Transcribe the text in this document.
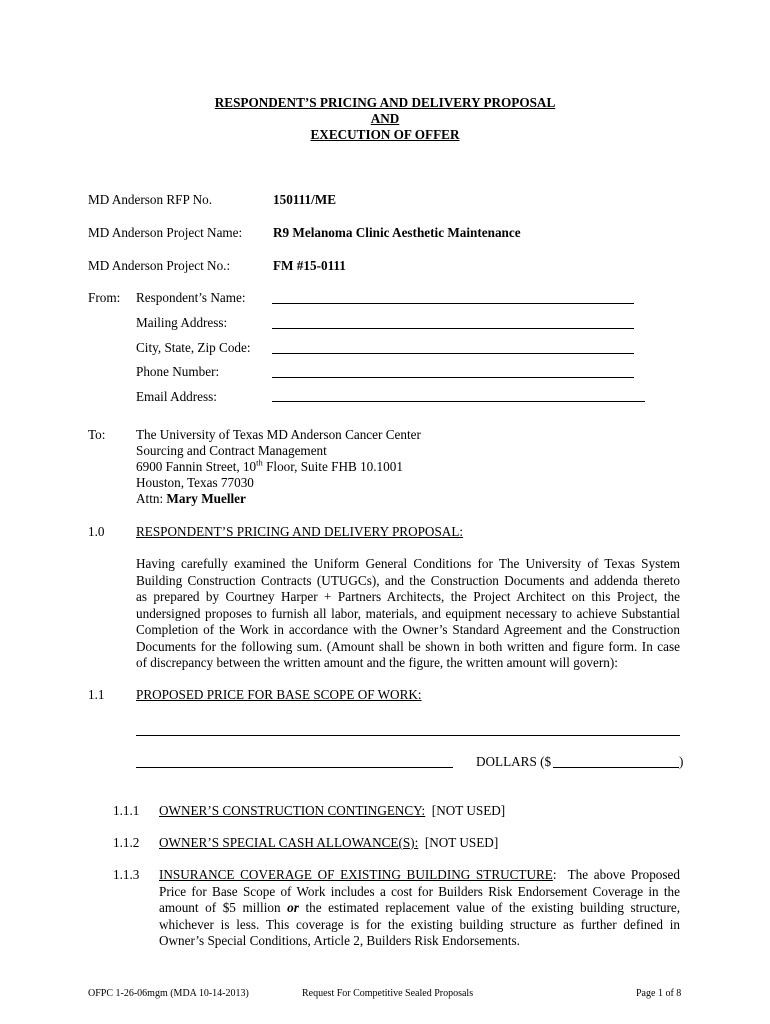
RESPONDENT’S PRICING AND DELIVERY PROPOSAL
AND
EXECUTION OF OFFER
MD Anderson RFP No.	150111/ME
MD Anderson Project Name: R9 Melanoma Clinic Aesthetic Maintenance
MD Anderson Project No.:	FM #15-0111
From: Respondent’s Name:
Mailing Address:
City, State, Zip Code:
Phone Number:
Email Address:
To: The University of Texas MD Anderson Cancer Center
Sourcing and Contract Management
6900 Fannin Street, 10th Floor, Suite FHB 10.1001
Houston, Texas 77030
Attn: Mary Mueller
1.0 RESPONDENT’S PRICING AND DELIVERY PROPOSAL:
Having carefully examined the Uniform General Conditions for The University of Texas System
Building Construction Contracts (UTUGCs), and the Construction Documents and addenda thereto
as prepared by Courtney Harper + Partners Architects, the Project Architect on this Project, the
undersigned proposes to furnish all labor, materials, and equipment necessary to achieve Substantial
Completion of the Work in accordance with the Owner’s Standard Agreement and the Construction
Documents for the following sum. (Amount shall be shown in both written and figure form. In case
of discrepancy between the written amount and the figure, the written amount will govern):
1.1 PROPOSED PRICE FOR BASE SCOPE OF WORK:
DOLLARS ($	)
1.1.1 OWNER’S CONSTRUCTION CONTINGENCY:  [NOT USED]
1.1.2 OWNER’S SPECIAL CASH ALLOWANCE(S):  [NOT USED]
1.1.3 INSURANCE COVERAGE OF EXISTING BUILDING STRUCTURE:  The above Proposed
Price for Base Scope of Work includes a cost for Builders Risk Endorsement Coverage in the
amount of $5 million or the estimated replacement value of the existing building structure,
whichever is less. This coverage is for the existing building structure as further defined in
Owner’s Special Conditions, Article 2, Builders Risk Endorsements.
OFPC 1-26-06mgm (MDA 10-14-2013)	Request For Competitive Sealed Proposals	Page 1 of 8
